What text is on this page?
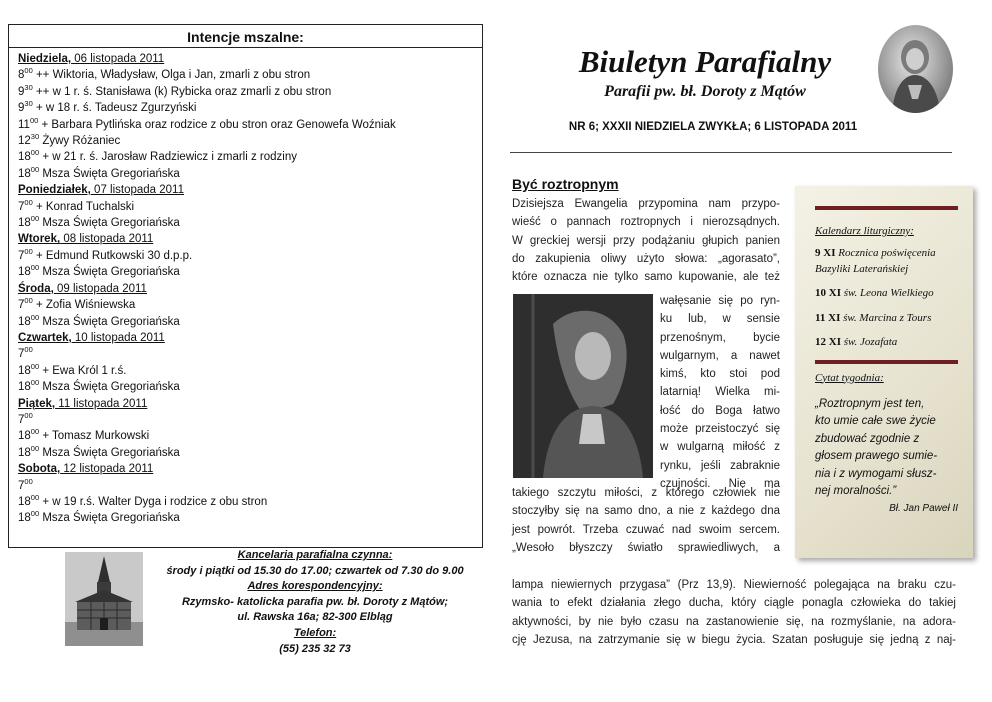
Intencje mszalne:
Niedziela, 06 listopada 2011
$8^{00}$ ++ Wiktoria, Władysław, Olga i Jan, zmarli z obu stron
$9^{30} ++ w$ 1 r. ś. Stanisława (k) Rybicka oraz zmarli z obu stron
$9^{30} + w$ 18 r. ś. Tadeusz Zgurzyński
$11^{00}$ + Barbara Pytlińska oraz rodzice z obu stron oraz Genowefa Woźniak
$12^{30}$ Żywy Różaniec
$18^{00} + w$ 21 r. ś. Jarosław Radziewicz i zmarli z rodziny
$18^{00}$ Msza Święta Gregoriańska
Poniedziałek, 07 listopada 2011
$7^{00}$ + Konrad Tuchalski
$18^{00}$ Msza Święta Gregoriańska
Wtorek, 08 listopada 2011
$7^{00}$ + Edmund Rutkowski 30 d.p.p.
$18^{00}$ Msza Święta Gregoriańska
Środa, 09 listopada 2011
$7^{00}$ + Zofia Wiśniewska
$18^{00}$ Msza Święta Gregoriańska
Czwartek, 10 listopada 2011
$7^{00}$
$18^{00}$ + Ewa Król 1 r.ś.
$18^{00}$ Msza Święta Gregoriańska
Piątek, 11 listopada 2011
$7^{00}$
$18^{00}$ + Tomasz Murkowski
$18^{00}$ Msza Święta Gregoriańska
Sobota, 12 listopada 2011
$7^{00}$
$18^{00} + w$ 19 r.ś. Walter Dyga i rodzice z obu stron
$18^{00}$ Msza Święta Gregoriańska
Kancelaria parafialna czynna:
środy i piątki od 15.30 do 17.00; czwartek od 7.30 do 9.00
Adres korespondencyjny:
Rzymsko- katolicka parafia pw. bł. Doroty z Mątów;
ul. Rawska 16a; 82-300 Elbląg
Telefon:
(55) 235 32 73
Biuletyn Parafialny
Parafii pw. bł. Doroty z Mątów
NR 6; XXXII NIEDZIELA ZWYKŁA; 6 LISTOPADA 2011
Być roztropnym

Dzisiejsza Ewangelia przypomina nam przypo-

wieść o pannach roztropnych i nierozsądnych.

W greckiej wersji przy podążaniu głupich panien

do zakupienia oliwy użyto słowa: „agorasato”,

które oznacza nie tylko samo kupowanie, ale też

wałęsanie się po ryn-

ku lub, w sensie

przenośnym, bycie

wulgarnym, a nawet

kimś, kto stoi pod

latarnią! Wielka mi-

łość do Boga łatwo

może przeistoczyć się

w wulgarną miłość z

rynku, jeśli zabraknie

czujności. Nie ma

takiego szczytu miłości, z którego człowiek nie

stoczyłby się na samo dno, a nie z każdego dna

jest powrót. Trzeba czuwać nad swoim sercem.

„Wesoło błyszczy światło sprawiedliwych, a

lampa niewiernych przygasa” (Prz 13,9). Niewierność polegająca na braku czu-

wania to efekt działania złego ducha, który ciągle ponagla człowieka do takiej

aktywności, by nie było czasu na zastanowienie się, na rozmyślanie, na adora-

cję Jezusa, na zatrzymanie się w biegu życia. Szatan posługuje się jedną z naj-

Kalendarz liturgiczny:
9 XI Rocznica poświęcenia Bazyliki Laterańskiej
10 XI św. Leona Wielkiego
11 XI św. Marcina z Tours
12 XI św. Jozafata
Cytat tygodnia:
„Roztropnym jest ten,
kto umie całe swe życie
zbudować zgodnie z
głosem prawego sumie-
nia i z wymogami słusz-
nej moralności.”
Bł. Jan Paweł II
